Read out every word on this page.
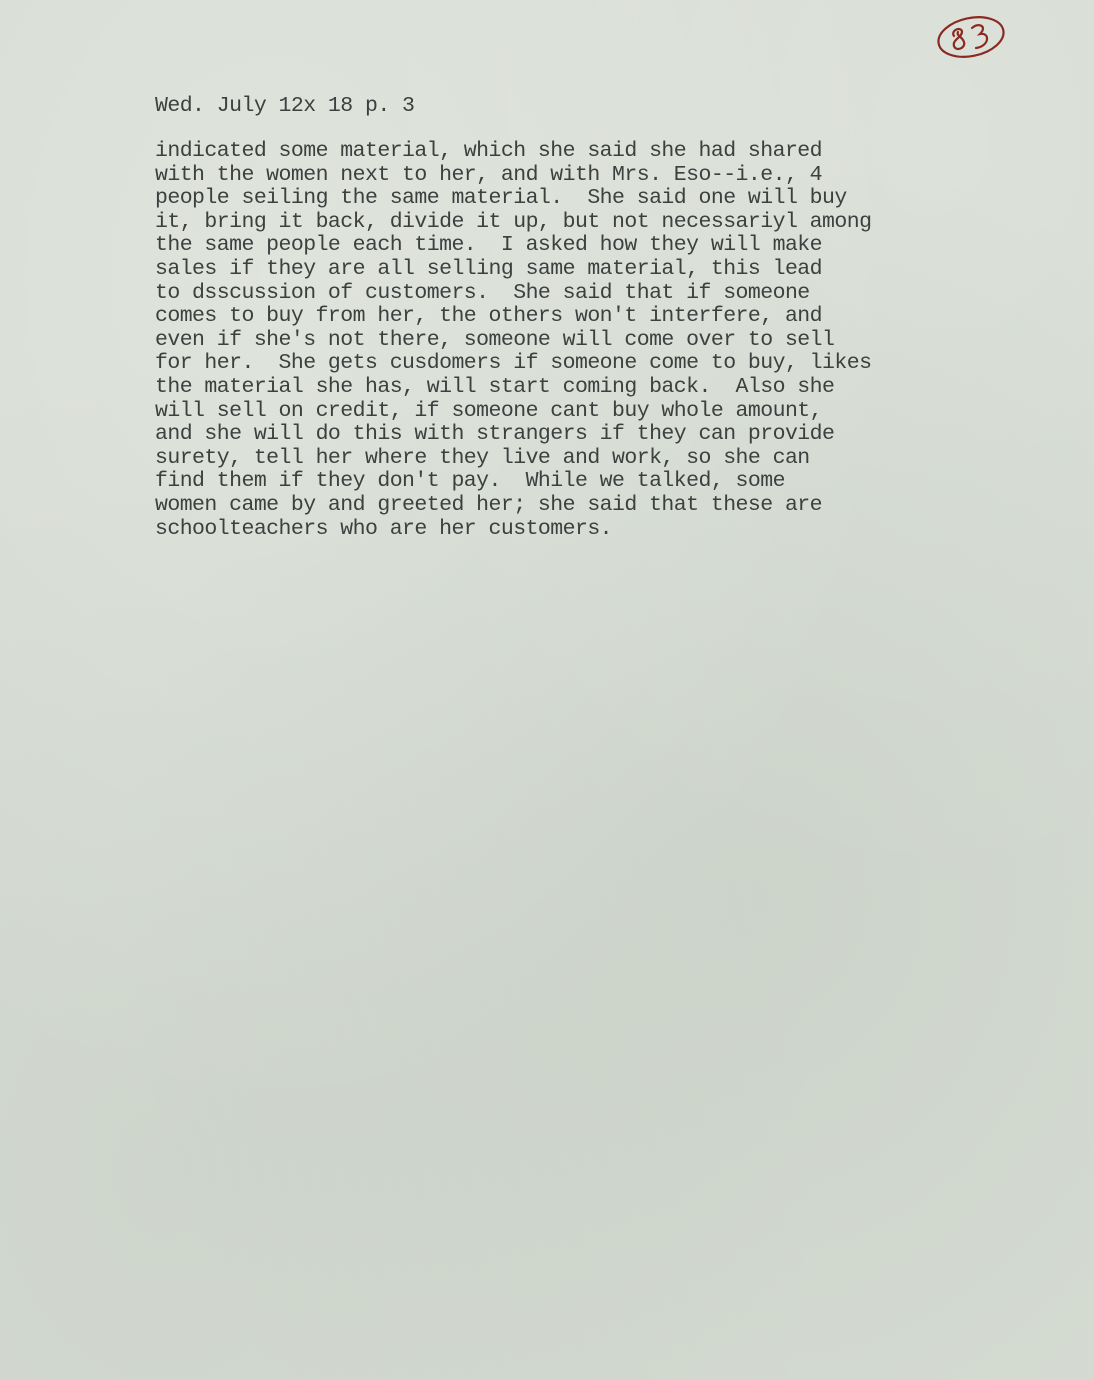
Wed. July 12x 18 p. 3
indicated some material, which she said she had shared
with the women next to her, and with Mrs. Eso--i.e., 4
people seiling the same material.  She said one will buy
it, bring it back, divide it up, but not necessariyl among
the same people each time.  I asked how they will make
sales if they are all selling same material, this lead
to dsscussion of customers.  She said that if someone
comes to buy from her, the others won't interfere, and
even if she's not there, someone will come over to sell
for her.  She gets cusdomers if someone come to buy, likes
the material she has, will start coming back.  Also she
will sell on credit, if someone cant buy whole amount,
and she will do this with strangers if they can provide
surety, tell her where they live and work, so she can
find them if they don't pay.  While we talked, some
women came by and greeted her; she said that these are
schoolteachers who are her customers.
